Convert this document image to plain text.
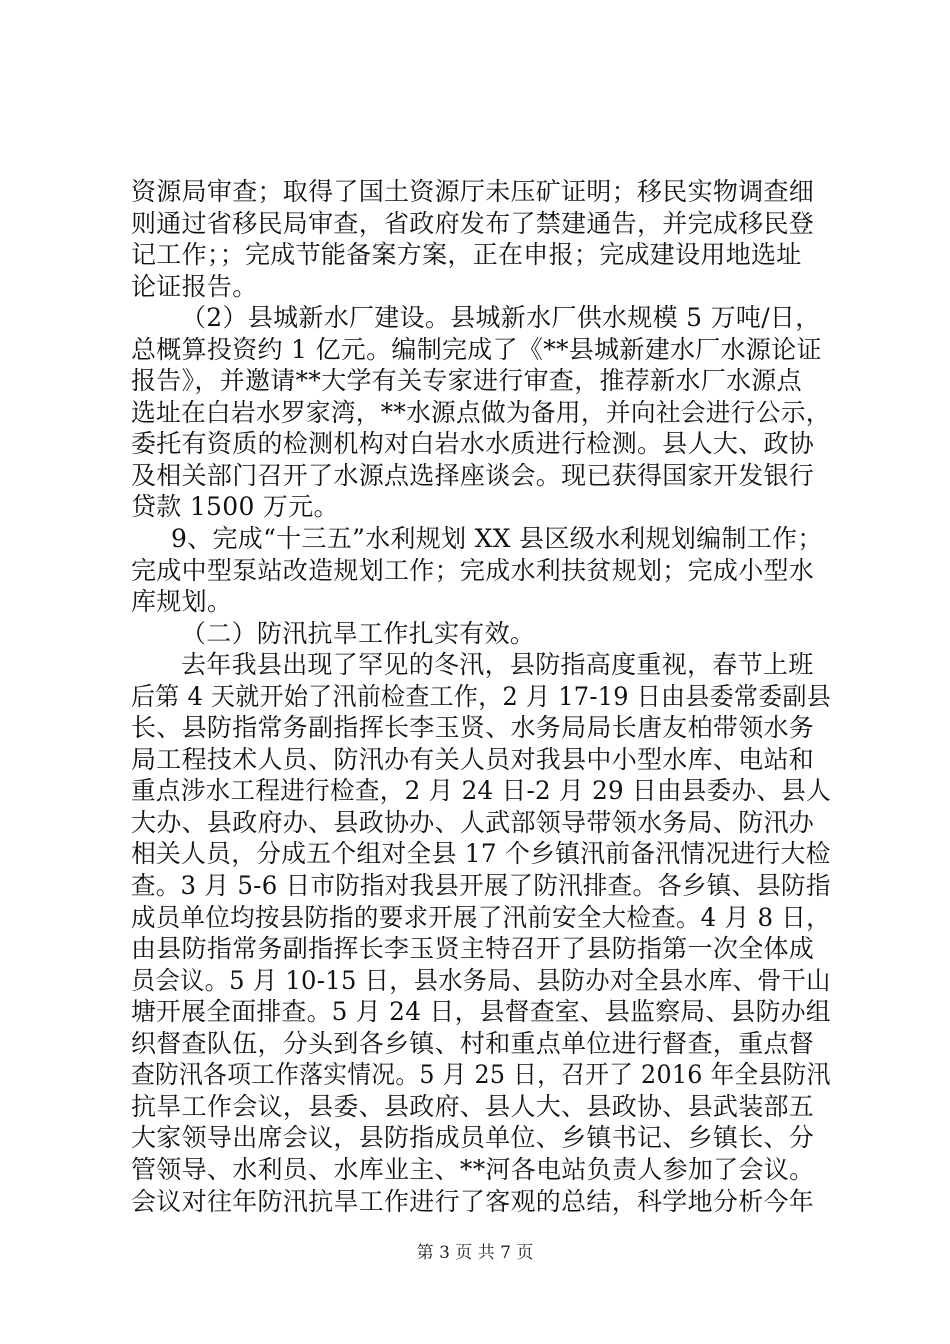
资源局审查；取得了国土资源厅未压矿证明；移民实物调查细
则通过省移民局审查，省政府发布了禁建通告，并完成移民登
记工作；；完成节能备案方案，正在申报；完成建设用地选址
论证报告。

（2）县城新水厂建设。县城新水厂供水规模 5 万吨/日，
总概算投资约 1 亿元。编制完成了《**县城新建水厂水源论证
报告》，并邀请**大学有关专家进行审查，推荐新水厂水源点
选址在白岩水罗家湾，**水源点做为备用，并向社会进行公示，
委托有资质的检测机构对白岩水水质进行检测。县人大、政协
及相关部门召开了水源点选择座谈会。现已获得国家开发银行
贷款 1500 万元。

9、完成“十三五”水利规划 XX 县区级水利规划编制工作；
完成中型泵站改造规划工作；完成水利扶贫规划；完成小型水
库规划。

（二）防汛抗旱工作扎实有效。

去年我县出现了罕见的冬汛，县防指高度重视，春节上班
后第 4 天就开始了汛前检查工作，2 月 17-19 日由县委常委副县
长、县防指常务副指挥长李玉贤、水务局局长唐友柏带领水务
局工程技术人员、防汛办有关人员对我县中小型水库、电站和
重点涉水工程进行检查，2 月 24 日-2 月 29 日由县委办、县人
大办、县政府办、县政协办、人武部领导带领水务局、防汛办
相关人员，分成五个组对全县 17 个乡镇汛前备汛情况进行大检
查。3 月 5-6 日市防指对我县开展了防汛排查。各乡镇、县防指
成员单位均按县防指的要求开展了汛前安全大检查。4 月 8 日，
由县防指常务副指挥长李玉贤主特召开了县防指第一次全体成
员会议。5 月 10-15 日，县水务局、县防办对全县水库、骨干山
塘开展全面排查。5 月 24 日，县督查室、县监察局、县防办组
织督查队伍，分头到各乡镇、村和重点单位进行督查，重点督
查防汛各项工作落实情况。5 月 25 日，召开了 2016 年全县防汛
抗旱工作会议，县委、县政府、县人大、县政协、县武装部五
大家领导出席会议，县防指成员单位、乡镇书记、乡镇长、分
管领导、水利员、水库业主、**河各电站负责人参加了会议。
会议对往年防汛抗旱工作进行了客观的总结，科学地分析今年

第 3 页 共 7 页
